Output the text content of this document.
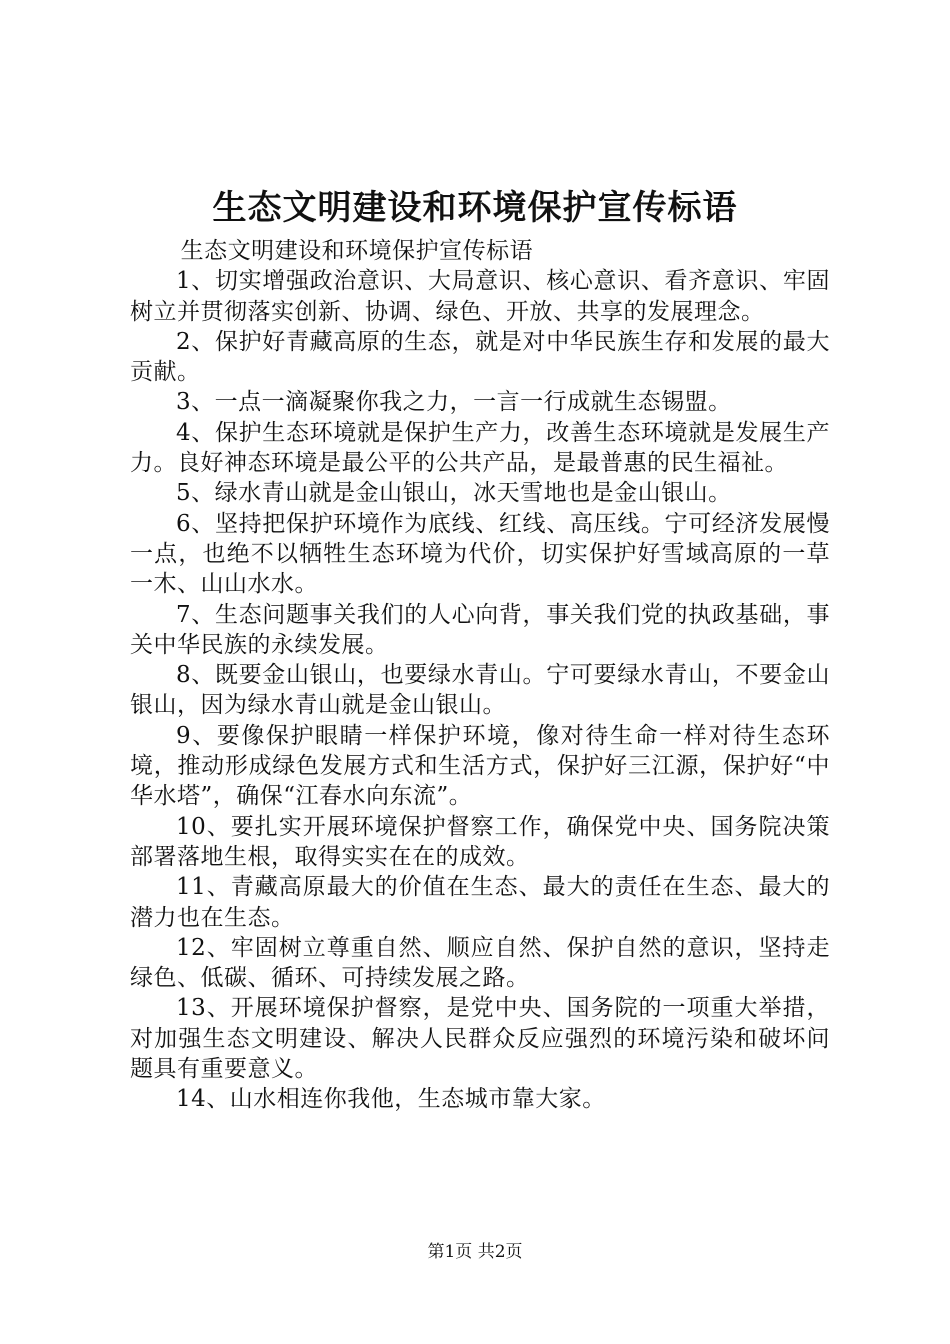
生态文明建设和环境保护宣传标语

生态文明建设和环境保护宣传标语

1、切实增强政治意识、大局意识、核心意识、看齐意识、牢固树立并贯彻落实创新、协调、绿色、开放、共享的发展理念。

2、保护好青藏高原的生态，就是对中华民族生存和发展的最大贡献。

3、一点一滴凝聚你我之力，一言一行成就生态锡盟。

4、保护生态环境就是保护生产力，改善生态环境就是发展生产力。良好神态环境是最公平的公共产品，是最普惠的民生福祉。

5、绿水青山就是金山银山，冰天雪地也是金山银山。

6、坚持把保护环境作为底线、红线、高压线。宁可经济发展慢一点，也绝不以牺牲生态环境为代价，切实保护好雪域高原的一草一木、山山水水。

7、生态问题事关我们的人心向背，事关我们党的执政基础，事关中华民族的永续发展。

8、既要金山银山，也要绿水青山。宁可要绿水青山，不要金山银山，因为绿水青山就是金山银山。

9、要像保护眼睛一样保护环境，像对待生命一样对待生态环境，推动形成绿色发展方式和生活方式，保护好三江源，保护好“中华水塔”，确保“江春水向东流”。

10、要扎实开展环境保护督察工作，确保党中央、国务院决策部署落地生根，取得实实在在的成效。

11、青藏高原最大的价值在生态、最大的责任在生态、最大的潜力也在生态。

12、牢固树立尊重自然、顺应自然、保护自然的意识，坚持走绿色、低碳、循环、可持续发展之路。

13、开展环境保护督察，是党中央、国务院的一项重大举措，对加强生态文明建设、解决人民群众反应强烈的环境污染和破坏问题具有重要意义。

14、山水相连你我他，生态城市靠大家。

第1页 共2页
